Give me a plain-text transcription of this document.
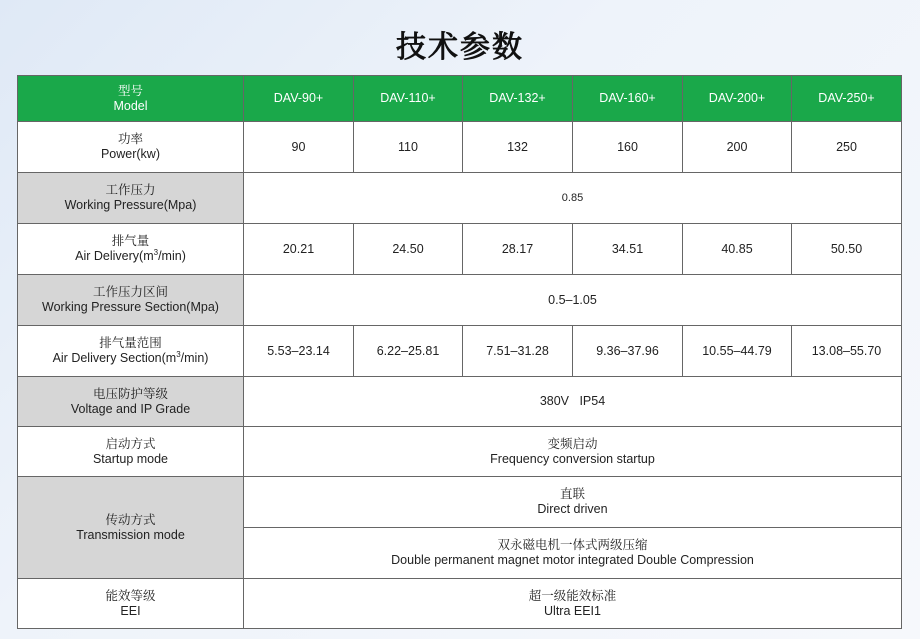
技术参数
型号
Model	DAV-90+	DAV-110+	DAV-132+	DAV-160+	DAV-200+	DAV-250+

功率
Power(kw)	90	110	132	160	200	250

工作压力
Working Pressure(Mpa)	0.85					

排气量
Air $Delivery(m^3/\min)$	20.21	24.50	28.17	34.51	40.85	50.50

工作压力区间
Working Pressure Section(Mpa)	0.5–1.05					

排气量范围
Air Delivery $Section(m^3/\min)$	5.53–23.14	6.22–25.81	7.51–31.28	9.36–37.96	10.55–44.79	13.08–55.70

电压防护等级
Voltage and IP Grade	380V   IP54					

启动方式
Startup mode	变频启动
Frequency conversion startup					

传动方式
Transmission mode	直联
Direct driven					

	双永磁电机一体式两级压缩
Double permanent magnet motor integrated Double Compression					

能效等级
EEI	超一级能效标准
Ultra EEI1					
